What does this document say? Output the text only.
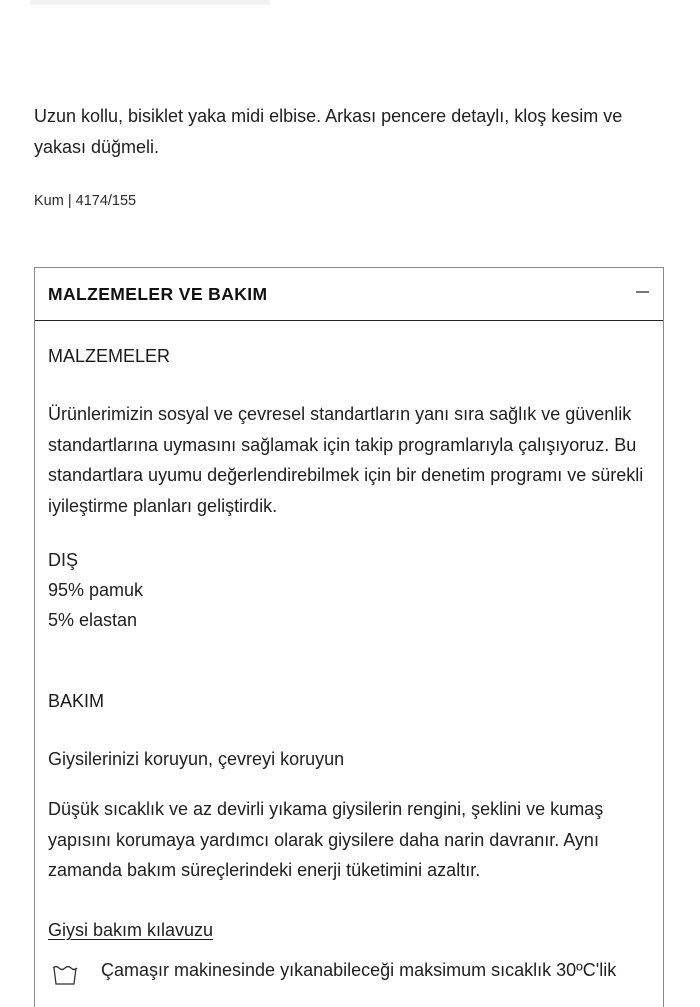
Uzun kollu, bisiklet yaka midi elbise. Arkası pencere detaylı, kloş kesim ve yakası düğmeli.
Kum | 4174/155
MALZEMELER VE BAKIM
MALZEMELER

Ürünlerimizin sosyal ve çevresel standartların yanı sıra sağlık ve güvenlik standartlarına uymasını sağlamak için takip programlarıyla çalışıyoruz. Bu standartlara uyumu değerlendirebilmek için bir denetim programı ve sürekli iyileştirme planları geliştirdik.

DIŞ
95% pamuk
5% elastan
BAKIM
Giysilerinizi koruyun, çevreyi koruyun

Düşük sıcaklık ve az devirli yıkama giysilerin rengini, şeklini ve kumaş yapısını korumaya yardımcı olarak giysilere daha narin davranır. Aynı zamanda bakım süreçlerindeki enerji tüketimini azaltır.

Giysi bakım kılavuzu
Çamaşır makinesinde yıkanabileceği maksimum sıcaklık 30ºC'lik
